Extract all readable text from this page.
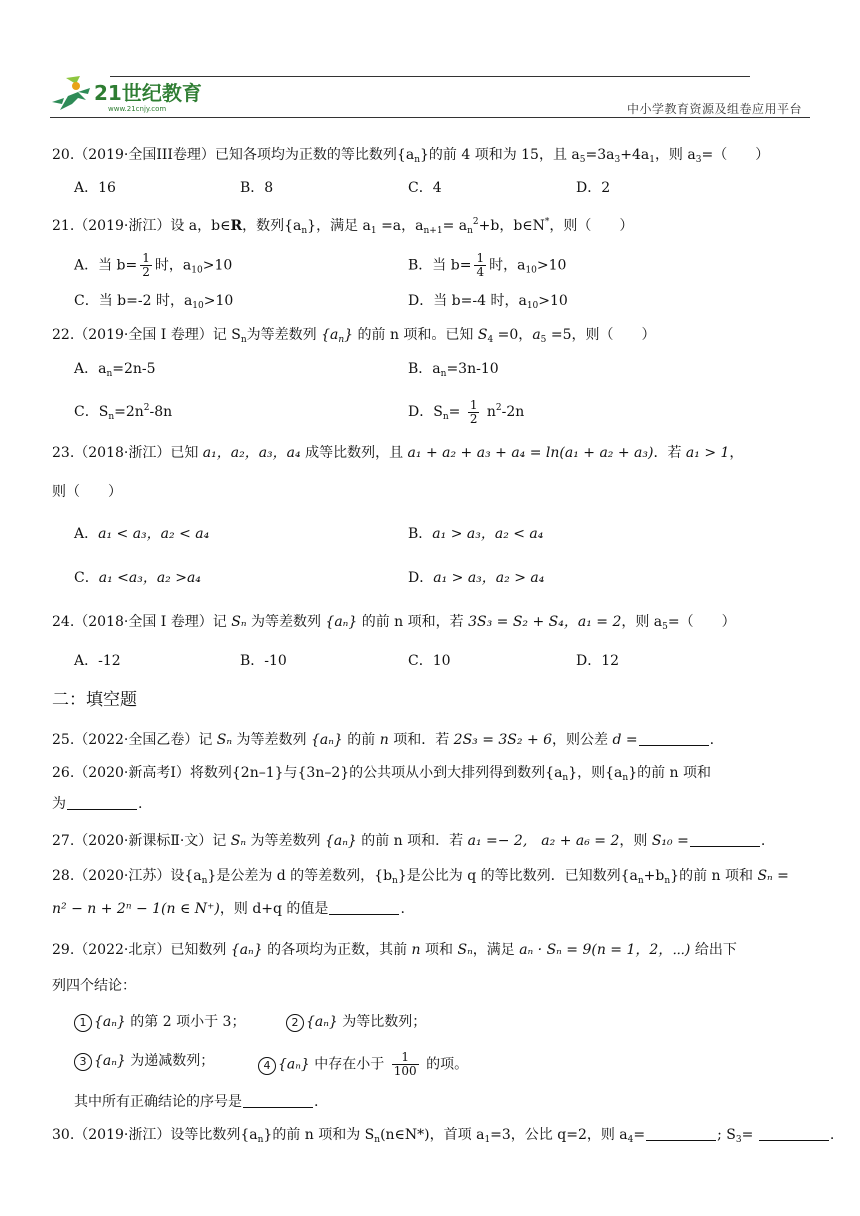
21世纪教育
www.21cnjy.com	中小学教育资源及组卷应用平台
20.（2019·全国III卷理）已知各项均为正数的等比数列$\{a_n\}$的前 4 项和为 15，且 $a_5=3a_3+4a_1$，则 $a_3=$（　　）
A．16	B．8	C．4	D．2
21.（2019·浙江）设 a，b∈R，数列$\{a_n\}$，满足 $a_1 =a$，$a_{n+1}= a_n^2+b$，b∈N*，则（　　）
A．当 $b= \frac{1}{2}$ 时，$a_{10}>10$	B．当 $b= \frac{1}{4}$ 时，$a_{10}>10$
C．当 b=-2 时，$a_{10}>10$	D．当 b=-4 时，$a_{10}>10$
22.（2019·全国 I 卷理）记 $S_n$为等差数列 $\{a_n\}$ 的前 n 项和。已知 $S_4 =0$，$a_5 =5$，则（　　）
A．$a_n=2n-5$	B．$a_n=3n-10$
C．$S_n=2n^2-8n$	D．$S_n= \frac{1}{2} n^2-2n$
23.（2018·浙江）已知 a₁，a₂，a₃，a₄ 成等比数列，且 a₁ + a₂ + a₃ + a₄ = ln(a₁ + a₂ + a₃)．若 a₁ > 1，
则（　　）
A．a₁ < a₃，a₂ < a₄	B．a₁ > a₃，a₂ < a₄
C．a₁ <a₃，a₂ >a₄	D．a₁ > a₃，a₂ > a₄
24.（2018·全国 I 卷理）记 Sₙ 为等差数列 {aₙ} 的前 n 项和，若 3S₃ = S₂ + S₄，a₁ = 2，则 $a_5=$（　　）
A．-12	B．-10	C．10	D．12
二：填空题
25.（2022·全国乙卷）记 Sₙ 为等差数列 {aₙ} 的前 n 项和．若 2S₃ = 3S₂ + 6，则公差 d =	.
26.（2020·新高考Ⅰ）将数列{2n–1}与{3n–2}的公共项从小到大排列得到数列$\{a_n\}$，则$\{a_n\}$的前 n 项和
为	.
27.（2020·新课标Ⅱ·文）记 Sₙ 为等差数列 {aₙ} 的前 n 项和．若 a₁ =− 2,　a₂ + a₆ = 2，则 S₁₀ =	.
28.（2020·江苏）设$\{a_n\}$是公差为 d 的等差数列，$\{b_n\}$是公比为 q 的等比数列．已知数列$\{a_n+b_n\}$的前 n 项和 Sₙ =
n² − n + 2ⁿ − 1(n ∈ N⁺)，则 d+q 的值是	.
29.（2022·北京）已知数列 {aₙ} 的各项均为正数，其前 n 项和 Sₙ，满足 aₙ · Sₙ = 9(n = 1，2，⋯) 给出下
列四个结论：
1 {aₙ} 的第 2 项小于 3；	2 {aₙ} 为等比数列；
3 {aₙ} 为递减数列；	4 {aₙ} 中存在小于 $\frac{1}{100}$ 的项。
其中所有正确结论的序号是	.
30.（2019·浙江）设等比数列$\{a_n\}$的前 n 项和为 $S_n(n\in N*)$，首项 $a_1=3$，公比 q=2，则 $a_4=$	; $S_3=$	.
